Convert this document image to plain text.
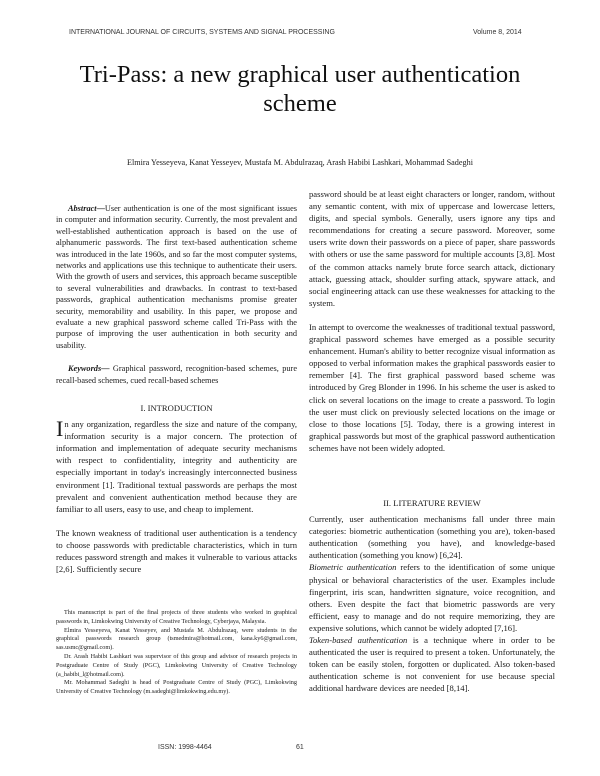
INTERNATIONAL JOURNAL OF CIRCUITS, SYSTEMS AND SIGNAL PROCESSING	Volume 8, 2014
Tri-Pass: a new graphical user authentication scheme
Elmira Yesseyeva, Kanat Yesseyev, Mustafa M. Abdulrazaq, Arash Habibi Lashkari, Mohammad Sadeghi

Abstract—User authentication is one of the most significant issues in computer and information security. Currently, the most prevalent and well-established authentication approach is based on the use of alphanumeric passwords. The first text-based authentication scheme was introduced in the late 1960s, and so far the most computer systems, networks and applications use this technique to authenticate their users. With the growth of users and services, this approach became susceptible to several vulnerabilities and drawbacks. In contrast to text-based passwords, graphical authentication mechanisms promise greater security, memorability and usability. In this paper, we propose and evaluate a new graphical password scheme called Tri-Pass with the purpose of improving the user authentication in both security and usability.

Keywords— Graphical password, recognition-based schemes, pure recall-based schemes, cued recall-based schemes

I. INTRODUCTION

In any organization, regardless the size and nature of the company, information security is a major concern. The protection of information and implementation of adequate security mechanisms with respect to confidentiality, integrity and authenticity are especially important in today's increasingly interconnected business environment [1]. Traditional textual passwords are perhaps the most prevalent and convenient authentication method because they are familiar to all users, easy to use, and cheap to implement.

The known weakness of traditional user authentication is a tendency to choose passwords with predictable characteristics, which in turn reduces password strength and makes it vulnerable to various attacks [2,6]. Sufficiently secure

This manuscript is part of the final projects of three students who worked in graphical passwords in, Limkokwing University of Creative Technology, Cyberjaya, Malaysia.

Elmira Yesseyeva, Kanat Yesseyev, and Mustafa M. Abdulrazaq, were students in the graphical passwords research group (tsmedmira@hotmail.com, kana.ky6@gmail.com, sas.usmc@gmail.com).

Dr. Arash Habibi Lashkari was supervisor of this group and advisor of research projects in Postgraduate Centre of Study (PGC), Limkokwing University of Creative Technology (a_habibi_l@hotmail.com).

Mr. Mohammad Sadeghi is head of Postgraduate Centre of Study (PGC), Limkokwing University of Creative Technology (m.sadeghi@limkokwing.edu.my).

password should be at least eight characters or longer, random, without any semantic content, with mix of uppercase and lowercase letters, digits, and special symbols. Generally, users ignore any tips and recommendations for creating a secure password. Moreover, some users write down their passwords on a piece of paper, share passwords with others or use the same password for multiple accounts [3,8]. Most of the common attacks namely brute force search attack, dictionary attack, guessing attack, shoulder surfing attack, spyware attack, and social engineering attack can use these weaknesses for attacking to the system.

In attempt to overcome the weaknesses of traditional textual password, graphical password schemes have emerged as a possible security enhancement. Human's ability to better recognize visual information as opposed to verbal information makes the graphical passwords easier to remember [4]. The first graphical password based scheme was introduced by Greg Blonder in 1996. In his scheme the user is asked to click on several locations on the image to create a password. To login the user must click on previously selected locations on the image or close to those locations [5]. Today, there is a growing interest in graphical passwords but most of the graphical password authentication schemes have not been widely adopted.

II. LITERATURE REVIEW

Currently, user authentication mechanisms fall under three main categories: biometric authentication (something you are), token-based authentication (something you have), and knowledge-based authentication (something you know) [6,24].

Biometric authentication refers to the identification of some unique physical or behavioral characteristics of the user. Examples include fingerprint, iris scan, handwritten signature, voice recognition, and others. Even despite the fact that biometric passwords are very efficient, easy to manage and do not require memorizing, they are expensive solutions, which cannot be widely adopted [7,16].

Token-based authentication is a technique where in order to be authenticated the user is required to present a token. Unfortunately, the token can be easily stolen, forgotten or duplicated. Also token-based authentication scheme is not convenient for use because special additional hardware devices are needed [8,14].

ISSN: 1998-4464	61
